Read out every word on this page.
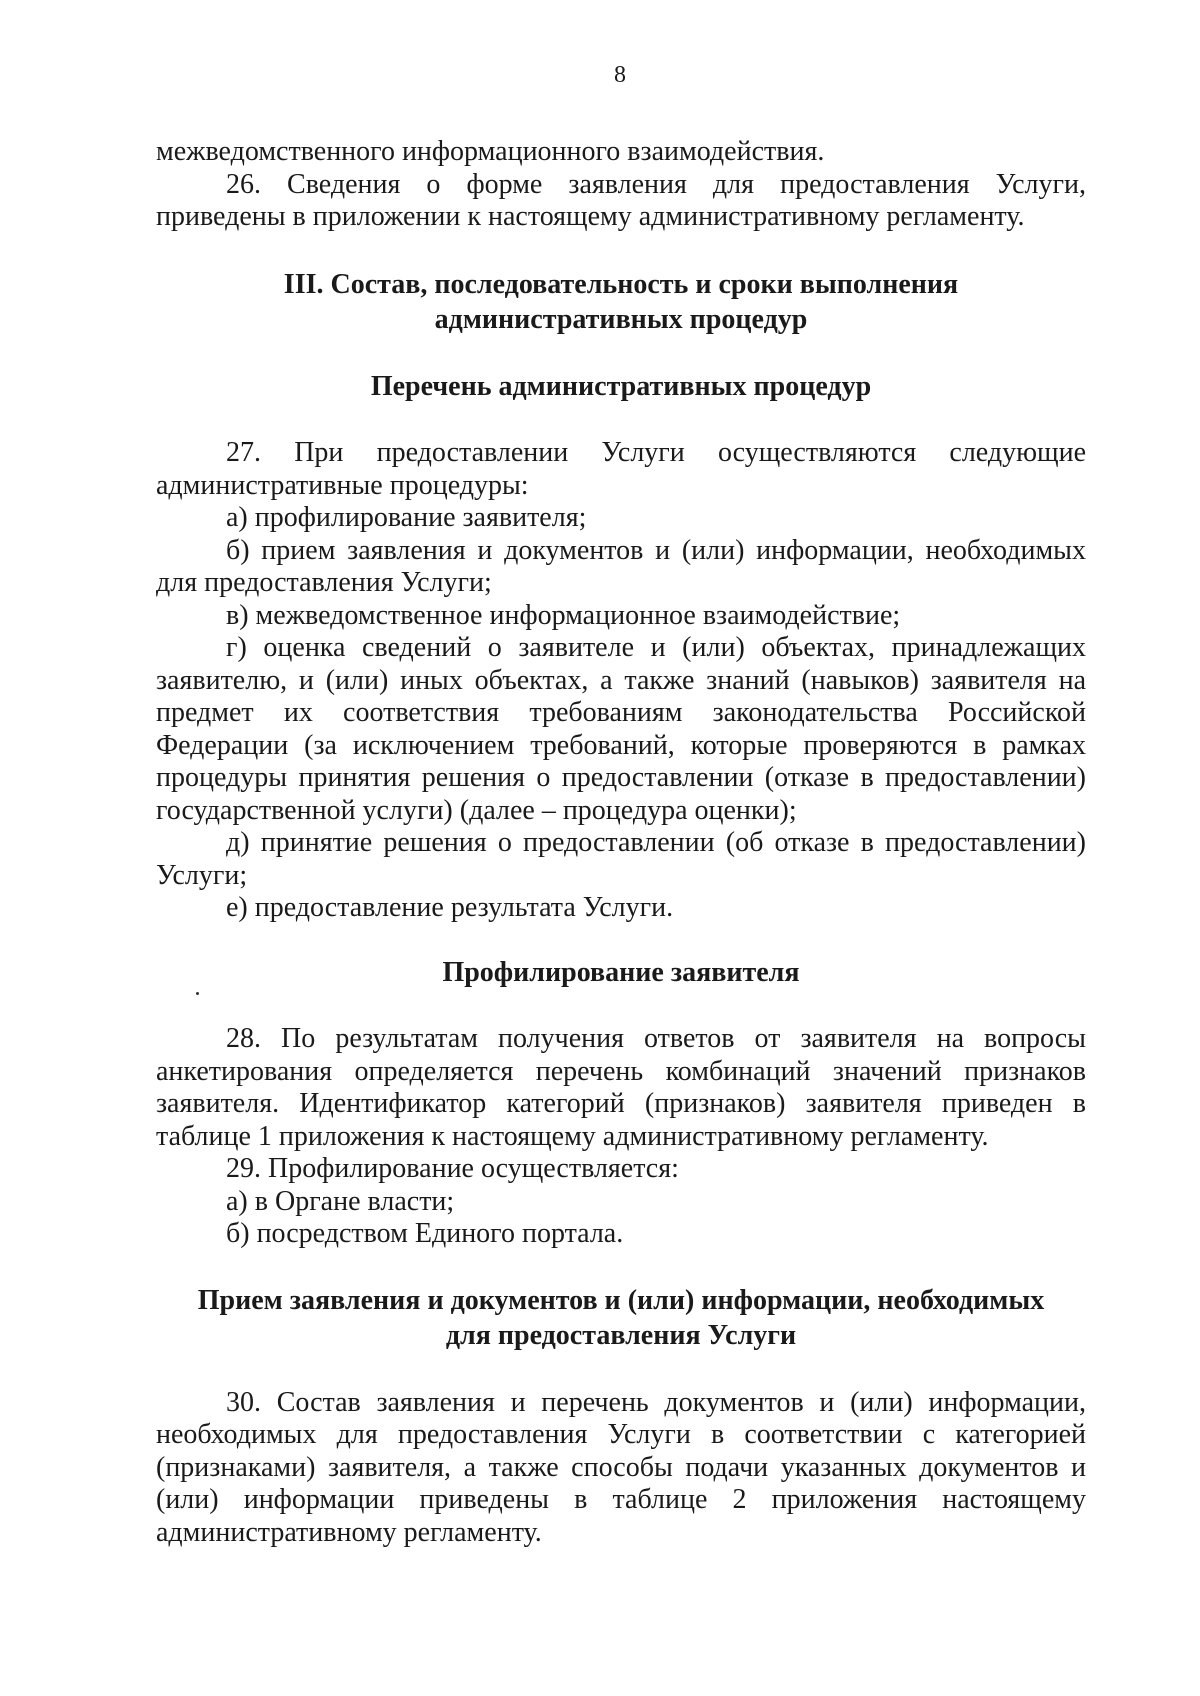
8

межведомственного информационного взаимодействия.

26. Сведения о форме заявления для предоставления Услуги, приведены в приложении к настоящему административному регламенту.

III. Состав, последовательность и сроки выполнения
административных процедур
Перечень административных процедур

27. При предоставлении Услуги осуществляются следующие административные процедуры:

а) профилирование заявителя;

б) прием заявления и документов и (или) информации, необходимых для предоставления Услуги;

в) межведомственное информационное взаимодействие;

г) оценка сведений о заявителе и (или) объектах, принадлежащих заявителю, и (или) иных объектах, а также знаний (навыков) заявителя на предмет их соответствия требованиям законодательства Российской Федерации (за исключением требований, которые проверяются в рамках процедуры принятия решения о предоставлении (отказе в предоставлении) государственной услуги) (далее – процедура оценки);

д) принятие решения о предоставлении (об отказе в предоставлении) Услуги;

е) предоставление результата Услуги.

Профилирование заявителя

28. По результатам получения ответов от заявителя на вопросы анкетирования определяется перечень комбинаций значений признаков заявителя. Идентификатор категорий (признаков) заявителя приведен в таблице 1 приложения к настоящему административному регламенту.

29. Профилирование осуществляется:

а) в Органе власти;

б) посредством Единого портала.

Прием заявления и документов и (или) информации, необходимых
для предоставления Услуги

30. Состав заявления и перечень документов и (или) информации, необходимых для предоставления Услуги в соответствии с категорией (признаками) заявителя, а также способы подачи указанных документов и (или) информации приведены в таблице 2 приложения настоящему административному регламенту.
